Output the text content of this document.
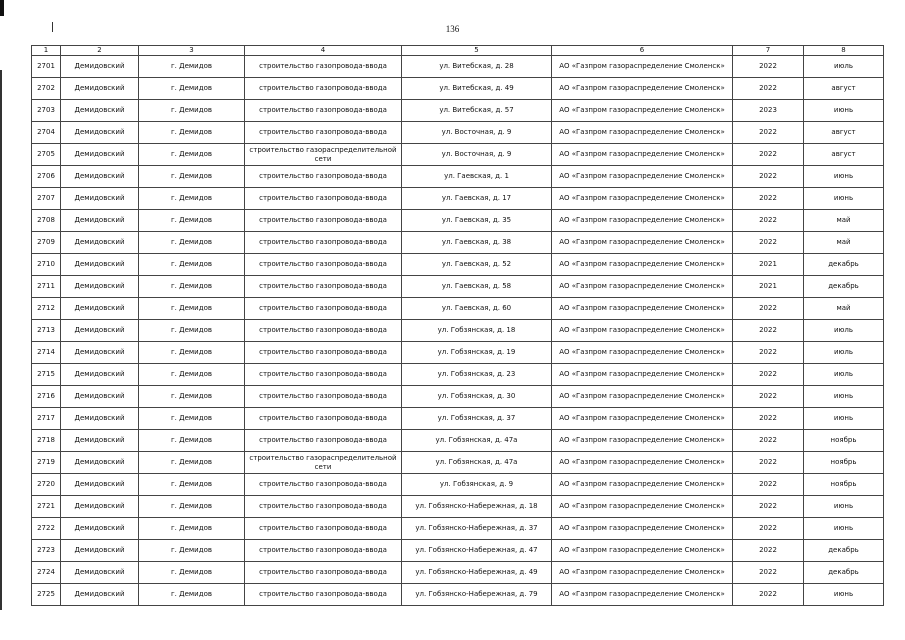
136
1	2	3	4	5	6	7	8
2701	Демидовский	г. Демидов	строительство газопровода-ввода	ул. Витебская, д. 28	АО «Газпром газораспределение Смоленск»	2022	июль
2702	Демидовский	г. Демидов	строительство газопровода-ввода	ул. Витебская, д. 49	АО «Газпром газораспределение Смоленск»	2022	август
2703	Демидовский	г. Демидов	строительство газопровода-ввода	ул. Витебская, д. 57	АО «Газпром газораспределение Смоленск»	2023	июнь
2704	Демидовский	г. Демидов	строительство газопровода-ввода	ул. Восточная, д. 9	АО «Газпром газораспределение Смоленск»	2022	август
2705	Демидовский	г. Демидов	строительство газораспределительной сети	ул. Восточная, д. 9	АО «Газпром газораспределение Смоленск»	2022	август
2706	Демидовский	г. Демидов	строительство газопровода-ввода	ул. Гаевская, д. 1	АО «Газпром газораспределение Смоленск»	2022	июнь
2707	Демидовский	г. Демидов	строительство газопровода-ввода	ул. Гаевская, д. 17	АО «Газпром газораспределение Смоленск»	2022	июнь
2708	Демидовский	г. Демидов	строительство газопровода-ввода	ул. Гаевская, д. 35	АО «Газпром газораспределение Смоленск»	2022	май
2709	Демидовский	г. Демидов	строительство газопровода-ввода	ул. Гаевская, д. 38	АО «Газпром газораспределение Смоленск»	2022	май
2710	Демидовский	г. Демидов	строительство газопровода-ввода	ул. Гаевская, д. 52	АО «Газпром газораспределение Смоленск»	2021	декабрь
2711	Демидовский	г. Демидов	строительство газопровода-ввода	ул. Гаевская, д. 58	АО «Газпром газораспределение Смоленск»	2021	декабрь
2712	Демидовский	г. Демидов	строительство газопровода-ввода	ул. Гаевская, д. 60	АО «Газпром газораспределение Смоленск»	2022	май
2713	Демидовский	г. Демидов	строительство газопровода-ввода	ул. Гобзянская, д. 18	АО «Газпром газораспределение Смоленск»	2022	июль
2714	Демидовский	г. Демидов	строительство газопровода-ввода	ул. Гобзянская, д. 19	АО «Газпром газораспределение Смоленск»	2022	июль
2715	Демидовский	г. Демидов	строительство газопровода-ввода	ул. Гобзянская, д. 23	АО «Газпром газораспределение Смоленск»	2022	июль
2716	Демидовский	г. Демидов	строительство газопровода-ввода	ул. Гобзянская, д. 30	АО «Газпром газораспределение Смоленск»	2022	июнь
2717	Демидовский	г. Демидов	строительство газопровода-ввода	ул. Гобзянская, д. 37	АО «Газпром газораспределение Смоленск»	2022	июнь
2718	Демидовский	г. Демидов	строительство газопровода-ввода	ул. Гобзянская, д. 47а	АО «Газпром газораспределение Смоленск»	2022	ноябрь
2719	Демидовский	г. Демидов	строительство газораспределительной сети	ул. Гобзянская, д. 47а	АО «Газпром газораспределение Смоленск»	2022	ноябрь
2720	Демидовский	г. Демидов	строительство газопровода-ввода	ул. Гобзянская, д. 9	АО «Газпром газораспределение Смоленск»	2022	ноябрь
2721	Демидовский	г. Демидов	строительство газопровода-ввода	ул. Гобзянско-Набережная, д. 18	АО «Газпром газораспределение Смоленск»	2022	июнь
2722	Демидовский	г. Демидов	строительство газопровода-ввода	ул. Гобзянско-Набережная, д. 37	АО «Газпром газораспределение Смоленск»	2022	июнь
2723	Демидовский	г. Демидов	строительство газопровода-ввода	ул. Гобзянско-Набережная, д. 47	АО «Газпром газораспределение Смоленск»	2022	декабрь
2724	Демидовский	г. Демидов	строительство газопровода-ввода	ул. Гобзянско-Набережная, д. 49	АО «Газпром газораспределение Смоленск»	2022	декабрь
2725	Демидовский	г. Демидов	строительство газопровода-ввода	ул. Гобзянско-Набережная, д. 79	АО «Газпром газораспределение Смоленск»	2022	июнь
